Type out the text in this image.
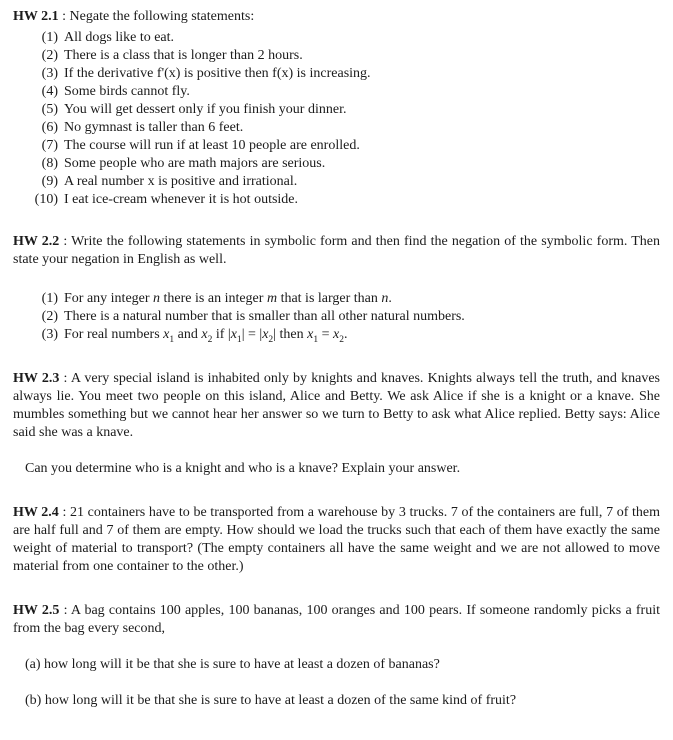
HW 2.1 : Negate the following statements:

(1) All dogs like to eat.
(2) There is a class that is longer than 2 hours.
(3) If the derivative f'(x) is positive then f(x) is increasing.
(4) Some birds cannot fly.
(5) You will get dessert only if you finish your dinner.
(6) No gymnast is taller than 6 feet.
(7) The course will run if at least 10 people are enrolled.
(8) Some people who are math majors are serious.
(9) A real number x is positive and irrational.
(10) I eat ice-cream whenever it is hot outside.

HW 2.2 : Write the following statements in symbolic form and then find the negation of the symbolic form. Then state your negation in English as well.

(1) For any integer n there is an integer m that is larger than n.
(2) There is a natural number that is smaller than all other natural numbers.
(3) For real numbers $x_1$ and $x_2$ if $|x_1| = |x_2|$ then $x_1 = x_2$.

HW 2.3 : A very special island is inhabited only by knights and knaves. Knights always tell the truth, and knaves always lie. You meet two people on this island, Alice and Betty. We ask Alice if she is a knight or a knave. She mumbles something but we cannot hear her answer so we turn to Betty to ask what Alice replied. Betty says: Alice said she was a knave.

Can you determine who is a knight and who is a knave? Explain your answer.

HW 2.4 : 21 containers have to be transported from a warehouse by 3 trucks. 7 of the containers are full, 7 of them are half full and 7 of them are empty. How should we load the trucks such that each of them have exactly the same weight of material to transport? (The empty containers all have the same weight and we are not allowed to move material from one container to the other.)

HW 2.5 : A bag contains 100 apples, 100 bananas, 100 oranges and 100 pears. If someone randomly picks a fruit from the bag every second,

(a) how long will it be that she is sure to have at least a dozen of bananas?
(b) how long will it be that she is sure to have at least a dozen of the same kind of fruit?
